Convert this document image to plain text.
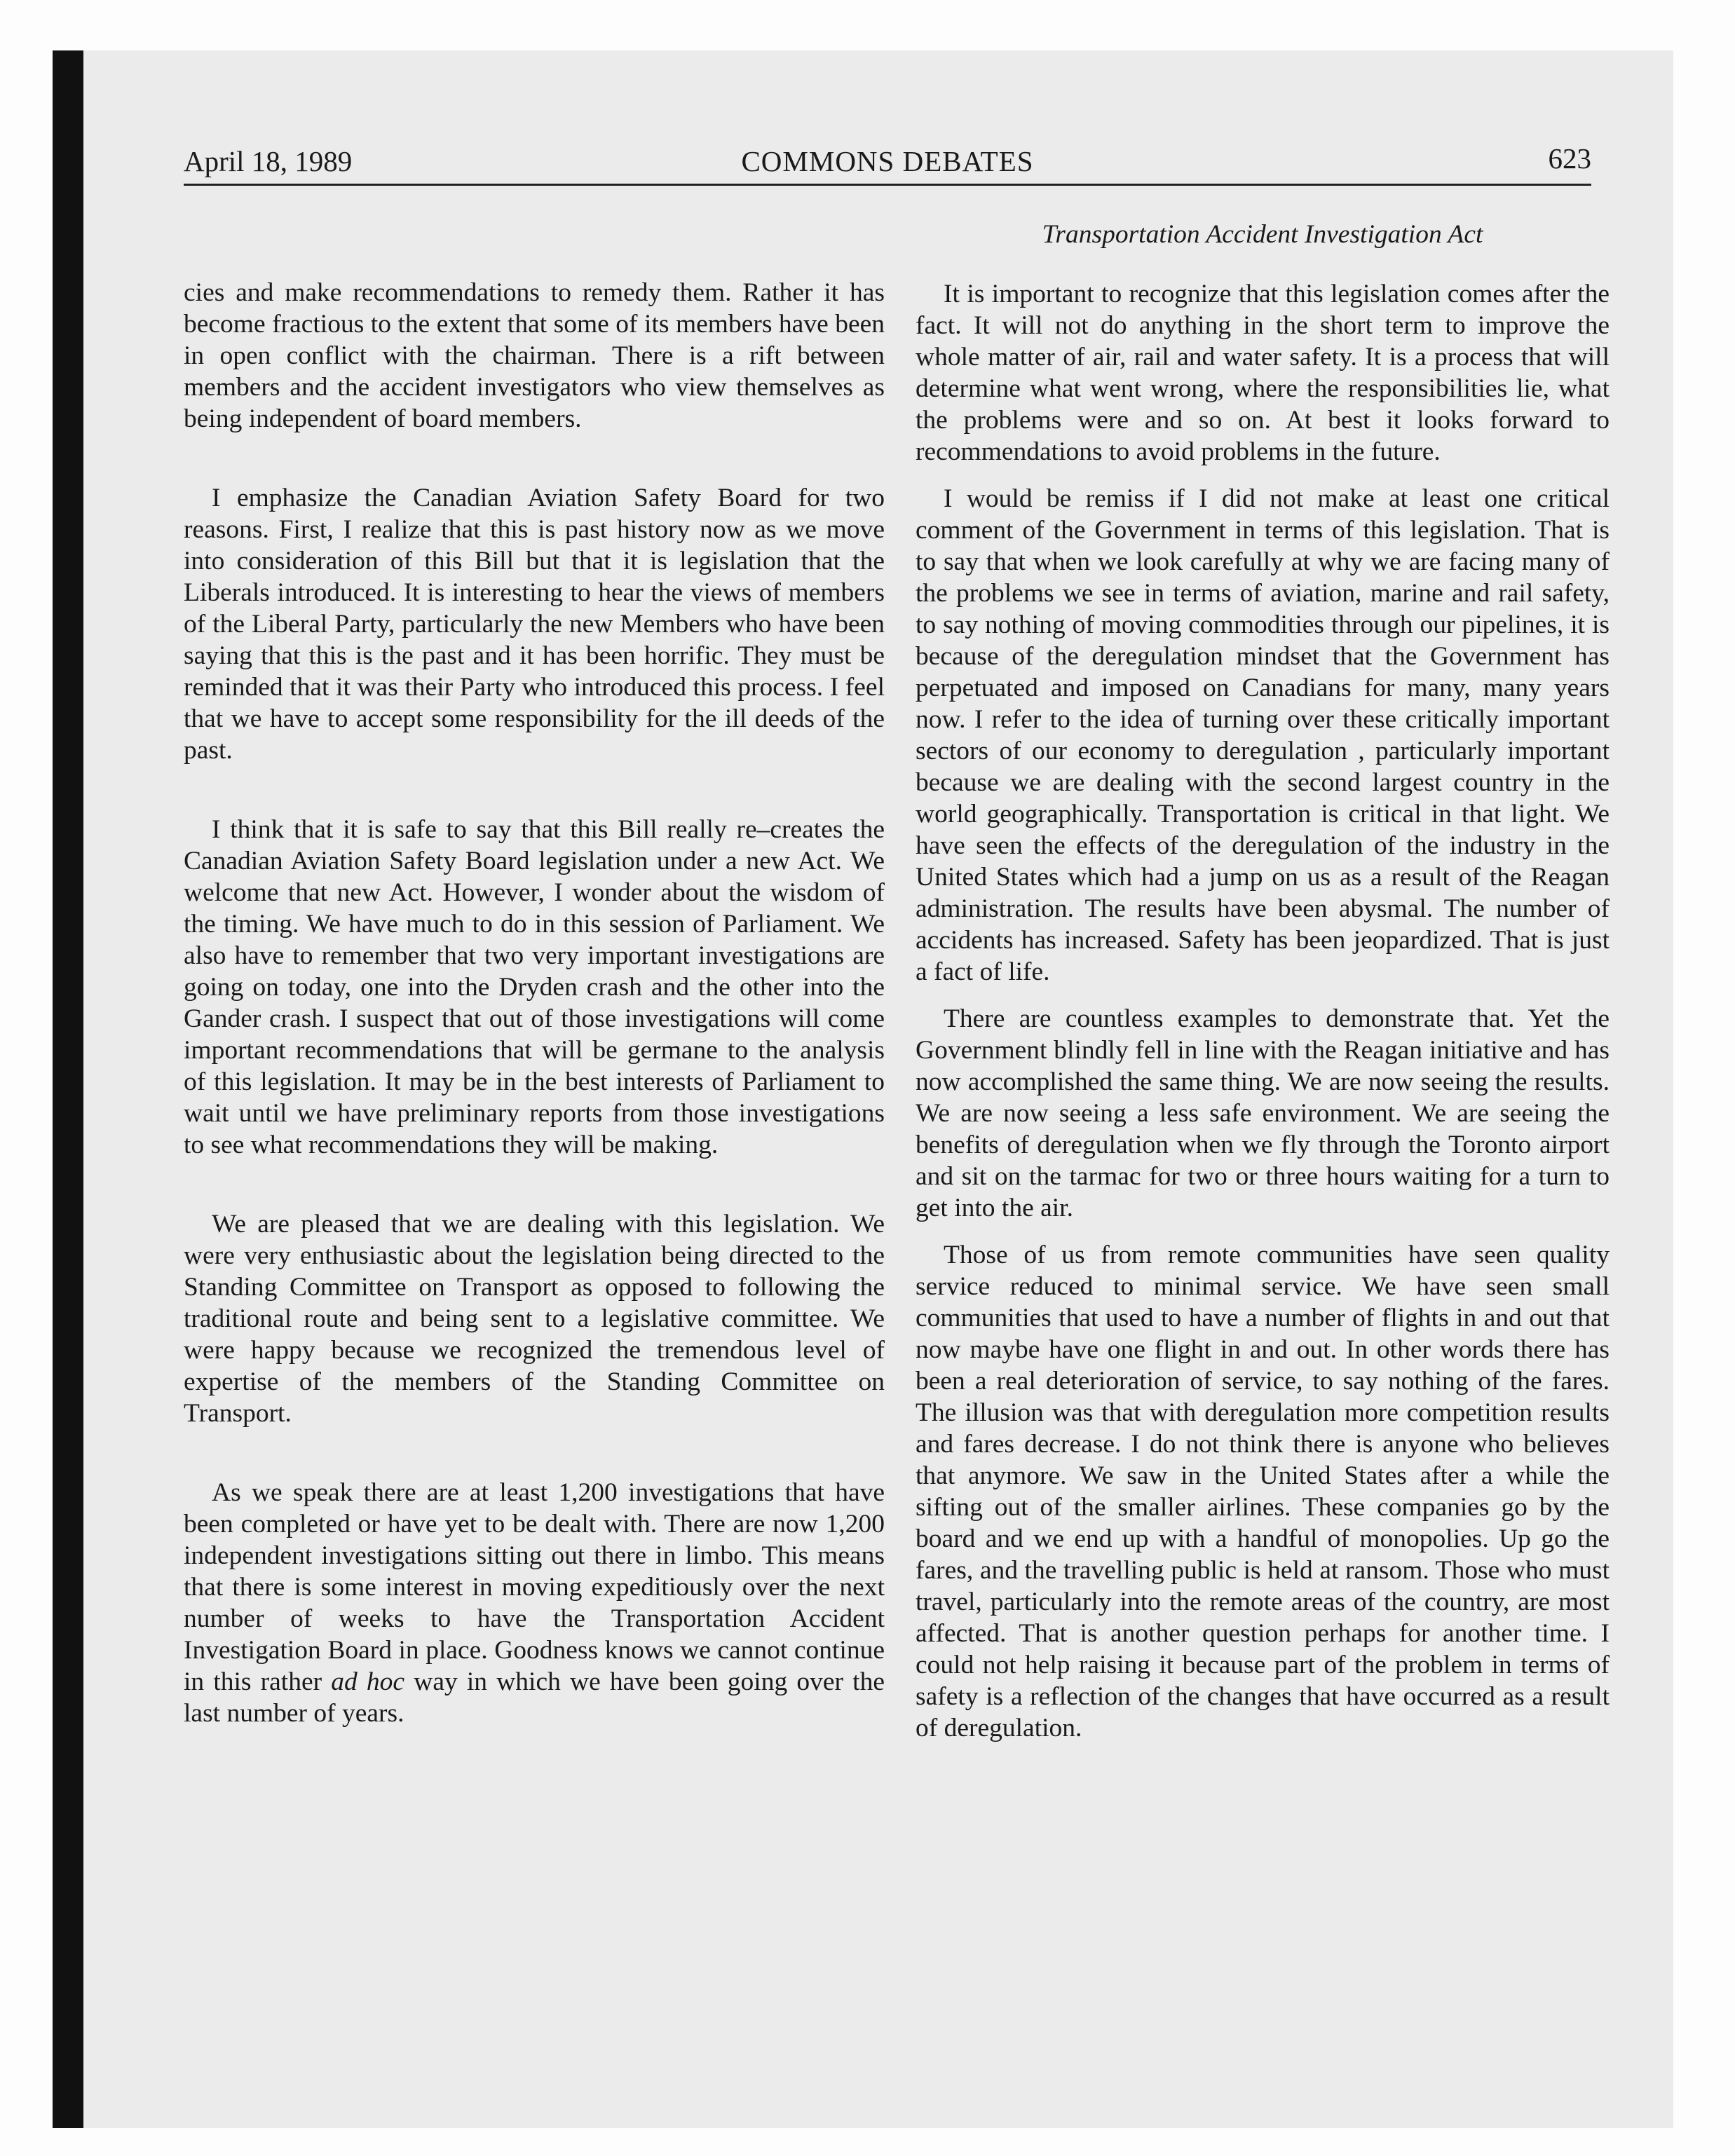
April 18, 1989	COMMONS DEBATES	623

cies and make recommendations to remedy them. Rather it has become fractious to the extent that some of its members have been in open conflict with the chairman. There is a rift between members and the accident investigators who view themselves as being independent of board members.

I emphasize the Canadian Aviation Safety Board for two reasons. First, I realize that this is past history now as we move into consideration of this Bill but that it is legislation that the Liberals introduced. It is interesting to hear the views of members of the Liberal Party, particularly the new Members who have been saying that this is the past and it has been horrific. They must be reminded that it was their Party who introduced this process. I feel that we have to accept some responsibility for the ill deeds of the past.

I think that it is safe to say that this Bill really re–creates the Canadian Aviation Safety Board legislation under a new Act. We welcome that new Act. However, I wonder about the wisdom of the timing. We have much to do in this session of Parliament. We also have to remember that two very important investigations are going on today, one into the Dryden crash and the other into the Gander crash. I suspect that out of those investigations will come important recommendations that will be germane to the analysis of this legislation. It may be in the best interests of Parliament to wait until we have preliminary reports from those investigations to see what recommendations they will be making.

We are pleased that we are dealing with this legislation. We were very enthusiastic about the legislation being directed to the Standing Committee on Transport as opposed to following the traditional route and being sent to a legislative committee. We were happy because we recognized the tremendous level of expertise of the members of the Standing Committee on Transport.

As we speak there are at least 1,200 investigations that have been completed or have yet to be dealt with. There are now 1,200 independent investigations sitting out there in limbo. This means that there is some interest in moving expeditiously over the next number of weeks to have the Transportation Accident Investigation Board in place. Goodness knows we cannot continue in this rather ad hoc way in which we have been going over the last number of years.

Transportation Accident Investigation Act

It is important to recognize that this legislation comes after the fact. It will not do anything in the short term to improve the whole matter of air, rail and water safety. It is a process that will determine what went wrong, where the responsibilities lie, what the problems were and so on. At best it looks forward to recommendations to avoid problems in the future.

I would be remiss if I did not make at least one critical comment of the Government in terms of this legislation. That is to say that when we look carefully at why we are facing many of the problems we see in terms of aviation, marine and rail safety, to say nothing of moving commodities through our pipelines, it is because of the deregulation mindset that the Government has perpetuated and imposed on Canadians for many, many years now. I refer to the idea of turning over these critically important sectors of our economy to deregulation , particularly important because we are dealing with the second largest country in the world geographically. Transportation is critical in that light. We have seen the effects of the deregulation of the industry in the United States which had a jump on us as a result of the Reagan administration. The results have been abysmal. The number of accidents has increased. Safety has been jeopardized. That is just a fact of life.

There are countless examples to demonstrate that. Yet the Government blindly fell in line with the Reagan initiative and has now accomplished the same thing. We are now seeing the results. We are now seeing a less safe environment. We are seeing the benefits of deregulation when we fly through the Toronto airport and sit on the tarmac for two or three hours waiting for a turn to get into the air.

Those of us from remote communities have seen quality service reduced to minimal service. We have seen small communities that used to have a number of flights in and out that now maybe have one flight in and out. In other words there has been a real deterioration of service, to say nothing of the fares. The illusion was that with deregulation more competition results and fares decrease. I do not think there is anyone who believes that anymore. We saw in the United States after a while the sifting out of the smaller airlines. These companies go by the board and we end up with a handful of monopolies. Up go the fares, and the travelling public is held at ransom. Those who must travel, particularly into the remote areas of the country, are most affected. That is another question perhaps for another time. I could not help raising it because part of the problem in terms of safety is a reflection of the changes that have occurred as a result of deregulation.
